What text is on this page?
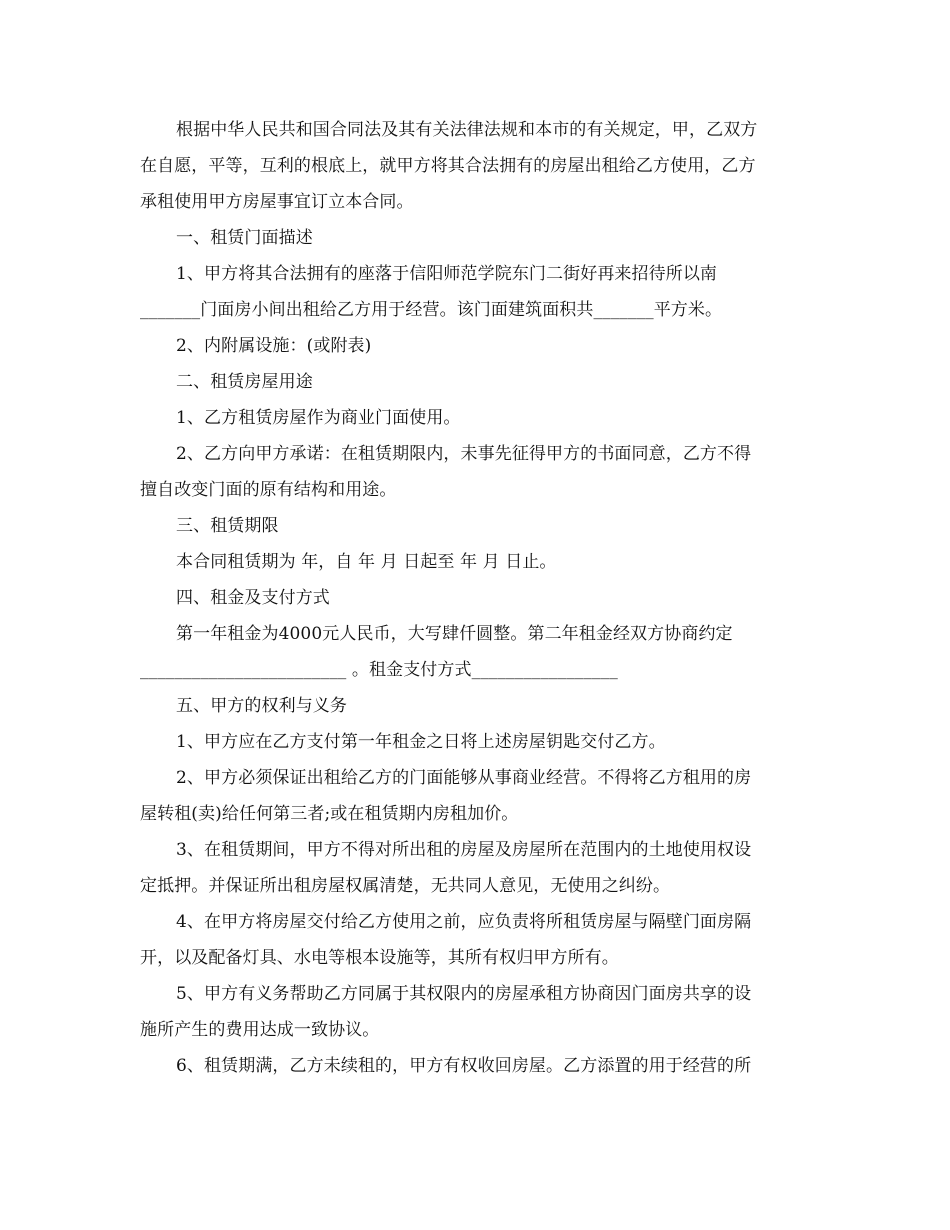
根据中华人民共和国合同法及其有关法律法规和本市的有关规定，甲，乙双方
在自愿，平等，互利的根底上，就甲方将其合法拥有的房屋出租给乙方使用，乙方
承租使用甲方房屋事宜订立本合同。
一、租赁门面描述
1、甲方将其合法拥有的座落于信阳师范学院东门二街好再来招待所以南
_______门面房小间出租给乙方用于经营。该门面建筑面积共_______平方米。
2、内附属设施：(或附表)
二、租赁房屋用途
1、乙方租赁房屋作为商业门面使用。
2、乙方向甲方承诺：在租赁期限内，未事先征得甲方的书面同意，乙方不得
擅自改变门面的原有结构和用途。
三、租赁期限
本合同租赁期为 年，自 年 月 日起至 年 月 日止。
四、租金及支付方式
第一年租金为4000元人民币，大写肆仟圆整。第二年租金经双方协商约定
________________________ 。租金支付方式_________________
五、甲方的权利与义务
1、甲方应在乙方支付第一年租金之日将上述房屋钥匙交付乙方。
2、甲方必须保证出租给乙方的门面能够从事商业经营。不得将乙方租用的房
屋转租(卖)给任何第三者;或在租赁期内房租加价。
3、在租赁期间，甲方不得对所出租的房屋及房屋所在范围内的土地使用权设
定抵押。并保证所出租房屋权属清楚，无共同人意见，无使用之纠纷。
4、在甲方将房屋交付给乙方使用之前，应负责将所租赁房屋与隔壁门面房隔
开，以及配备灯具、水电等根本设施等，其所有权归甲方所有。
5、甲方有义务帮助乙方同属于其权限内的房屋承租方协商因门面房共享的设
施所产生的费用达成一致协议。
6、租赁期满，乙方未续租的，甲方有权收回房屋。乙方添置的用于经营的所
